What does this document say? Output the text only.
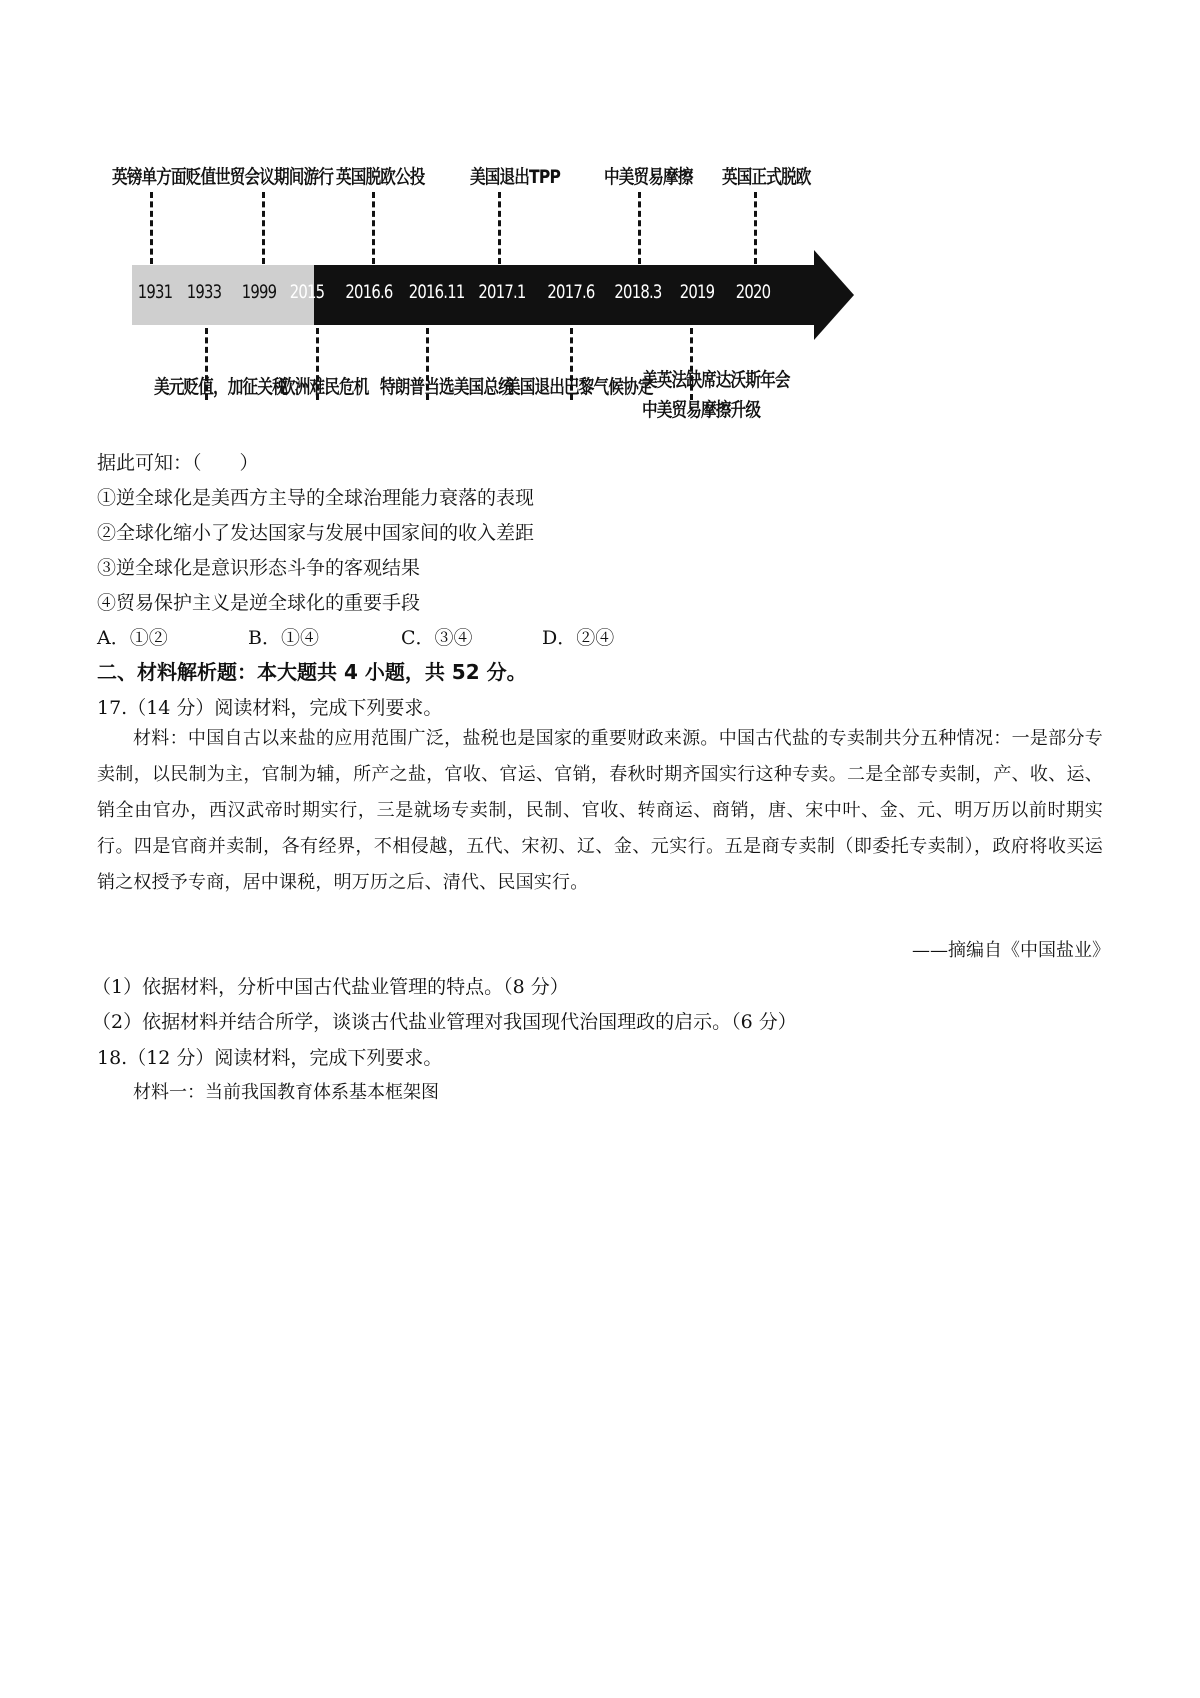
1931 1933	1999 2015	2016.6 2016.11 2017.1 2017.6 2018.3 2019	2020
英镑单方面贬值 世贸会议期间游行 英国脱欧公投 美国退出TPP 中美贸易摩擦 英国正式脱欧
美元贬值，加征关税
欧洲难民危机 特朗普当选美国总统
美国退出巴黎气候协定
美英法缺席达沃斯年会
中美贸易摩擦升级
据此可知：（　　）
①逆全球化是美西方主导的全球治理能力衰落的表现
②全球化缩小了发达国家与发展中国家间的收入差距
③逆全球化是意识形态斗争的客观结果
④贸易保护主义是逆全球化的重要手段
A．①②	B．①④	C．③④	D．②④
二、材料解析题：本大题共 4 小题，共 52 分。
17.（14 分）阅读材料，完成下列要求。
材料：中国自古以来盐的应用范围广泛，盐税也是国家的重要财政来源。中国古代盐的专卖制共分五种情况：一是部分专卖制，以民制为主，官制为辅，所产之盐，官收、官运、官销，春秋时期齐国实行这种专卖。二是全部专卖制，产、收、运、销全由官办，西汉武帝时期实行，三是就场专卖制，民制、官收、转商运、商销，唐、宋中叶、金、元、明万历以前时期实行。四是官商并卖制，各有经界，不相侵越，五代、宋初、辽、金、元实行。五是商专卖制（即委托专卖制），政府将收买运销之权授予专商，居中课税，明万历之后、清代、民国实行。
——摘编自《中国盐业》
（1）依据材料，分析中国古代盐业管理的特点。（8 分）
（2）依据材料并结合所学，谈谈古代盐业管理对我国现代治国理政的启示。（6 分）
18.（12 分）阅读材料，完成下列要求。
材料一：当前我国教育体系基本框架图
